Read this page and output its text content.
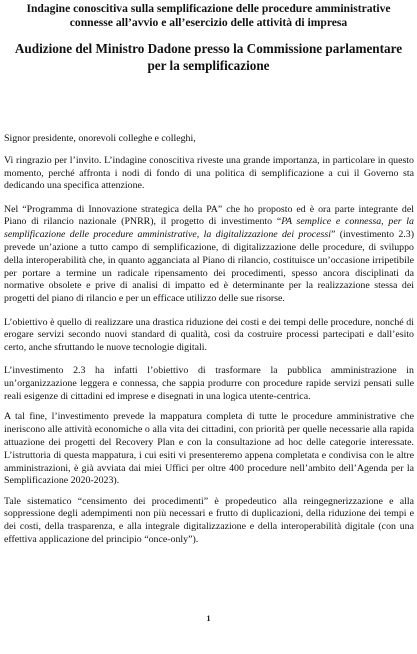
Indagine conoscitiva sulla semplificazione delle procedure amministrative
connesse all’avvio e all’esercizio delle attività di impresa
Audizione del Ministro Dadone presso la Commissione parlamentare per la semplificazione

Signor presidente, onorevoli colleghe e colleghi,

Vi ringrazio per l’invito. L’indagine conoscitiva riveste una grande importanza, in particolare in questo momento, perché affronta i nodi di fondo di una politica di semplificazione a cui il Governo sta dedicando una specifica attenzione.

Nel “Programma di Innovazione strategica della PA” che ho proposto ed è ora parte integrante del Piano di rilancio nazionale (PNRR), il progetto di investimento “PA semplice e connessa, per la semplificazione delle procedure amministrative, la digitalizzazione dei processi” (investimento 2.3) prevede un’azione a tutto campo di semplificazione, di digitalizzazione delle procedure, di sviluppo della interoperabilità che, in quanto agganciata al Piano di rilancio, costituisce un’occasione irripetibile per portare a termine un radicale ripensamento dei procedimenti, spesso ancora disciplinati da normative obsolete e prive di analisi di impatto ed è determinante per la realizzazione stessa dei progetti del piano di rilancio e per un efficace utilizzo delle sue risorse.

L’obiettivo è quello di realizzare una drastica riduzione dei costi e dei tempi delle procedure, nonché di erogare servizi secondo nuovi standard di qualità, così da costruire processi partecipati e dall’esito certo, anche sfruttando le nuove tecnologie digitali.

L’investimento 2.3 ha infatti l’obiettivo di trasformare la pubblica amministrazione in un’organizzazione leggera e connessa, che sappia produrre con procedure rapide servizi pensati sulle reali esigenze di cittadini ed imprese e disegnati in una logica utente-centrica.

A tal fine, l’investimento prevede la mappatura completa di tutte le procedure amministrative che ineriscono alle attività economiche o alla vita dei cittadini, con priorità per quelle necessarie alla rapida attuazione dei progetti del Recovery Plan e con la consultazione ad hoc delle categorie interessate. L’istruttoria di questa mappatura, i cui esiti vi presenteremo appena completata e condivisa con le altre amministrazioni, è già avviata dai miei Uffici per oltre 400 procedure nell’ambito dell’Agenda per la Semplificazione 2020-2023).

Tale sistematico “censimento dei procedimenti” è propedeutico alla reingegnerizzazione e alla soppressione degli adempimenti non più necessari e frutto di duplicazioni, della riduzione dei tempi e dei costi, della trasparenza, e alla integrale digitalizzazione e della interoperabilità digitale (con una effettiva applicazione del principio “once-only”).

1
